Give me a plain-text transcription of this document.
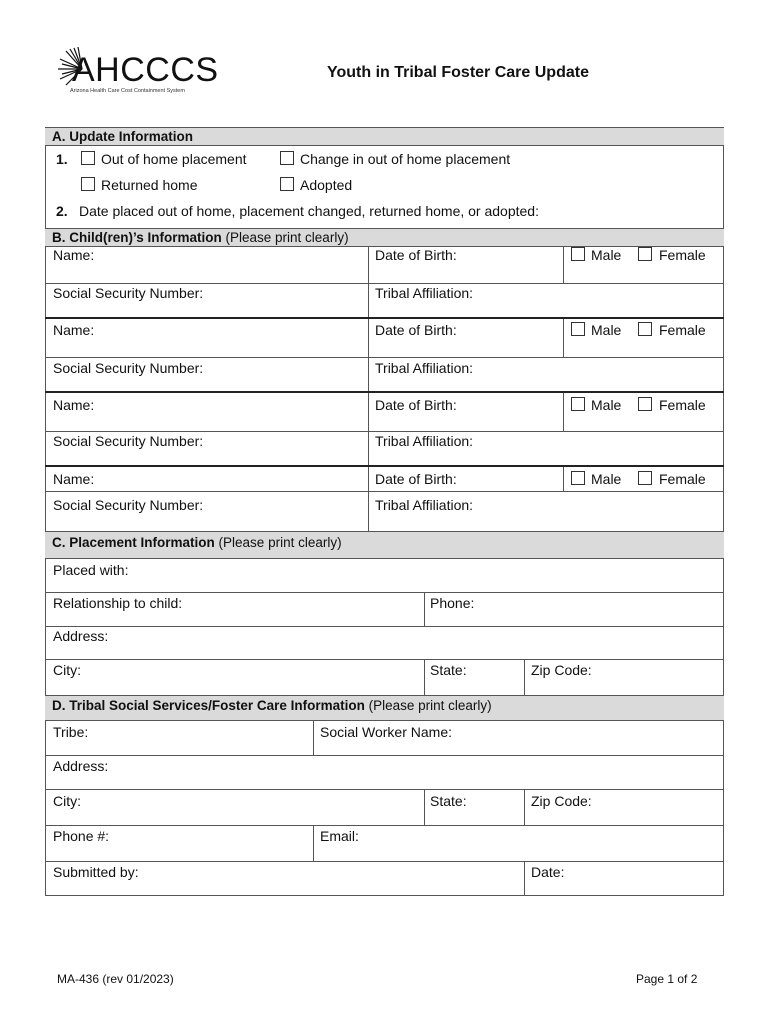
AHCCCS
Arizona Health Care Cost Containment System
Youth in Tribal Foster Care Update
A. Update Information
1. Out of home placement	Change in out of home placement
Returned home	Adopted
2. Date placed out of home, placement changed, returned home, or adopted:
B. Child(ren)’s Information (Please print clearly)
Name:	Date of Birth:	Male	Female
Social Security Number:	Tribal Affiliation:
Name:	Date of Birth:	Male	Female
Social Security Number:	Tribal Affiliation:
Name:	Date of Birth:	Male	Female
Social Security Number:	Tribal Affiliation:
Name:	Date of Birth:	Male	Female
Social Security Number:	Tribal Affiliation:
C. Placement Information (Please print clearly)
Placed with:
Relationship to child:	Phone:
Address:
City:	State:	Zip Code:
D. Tribal Social Services/Foster Care Information (Please print clearly)
Tribe:	Social Worker Name:
Address:
City:	State:	Zip Code:
Phone #:	Email:
Submitted by:	Date:
MA-436 (rev 01/2023)	Page 1 of 2
